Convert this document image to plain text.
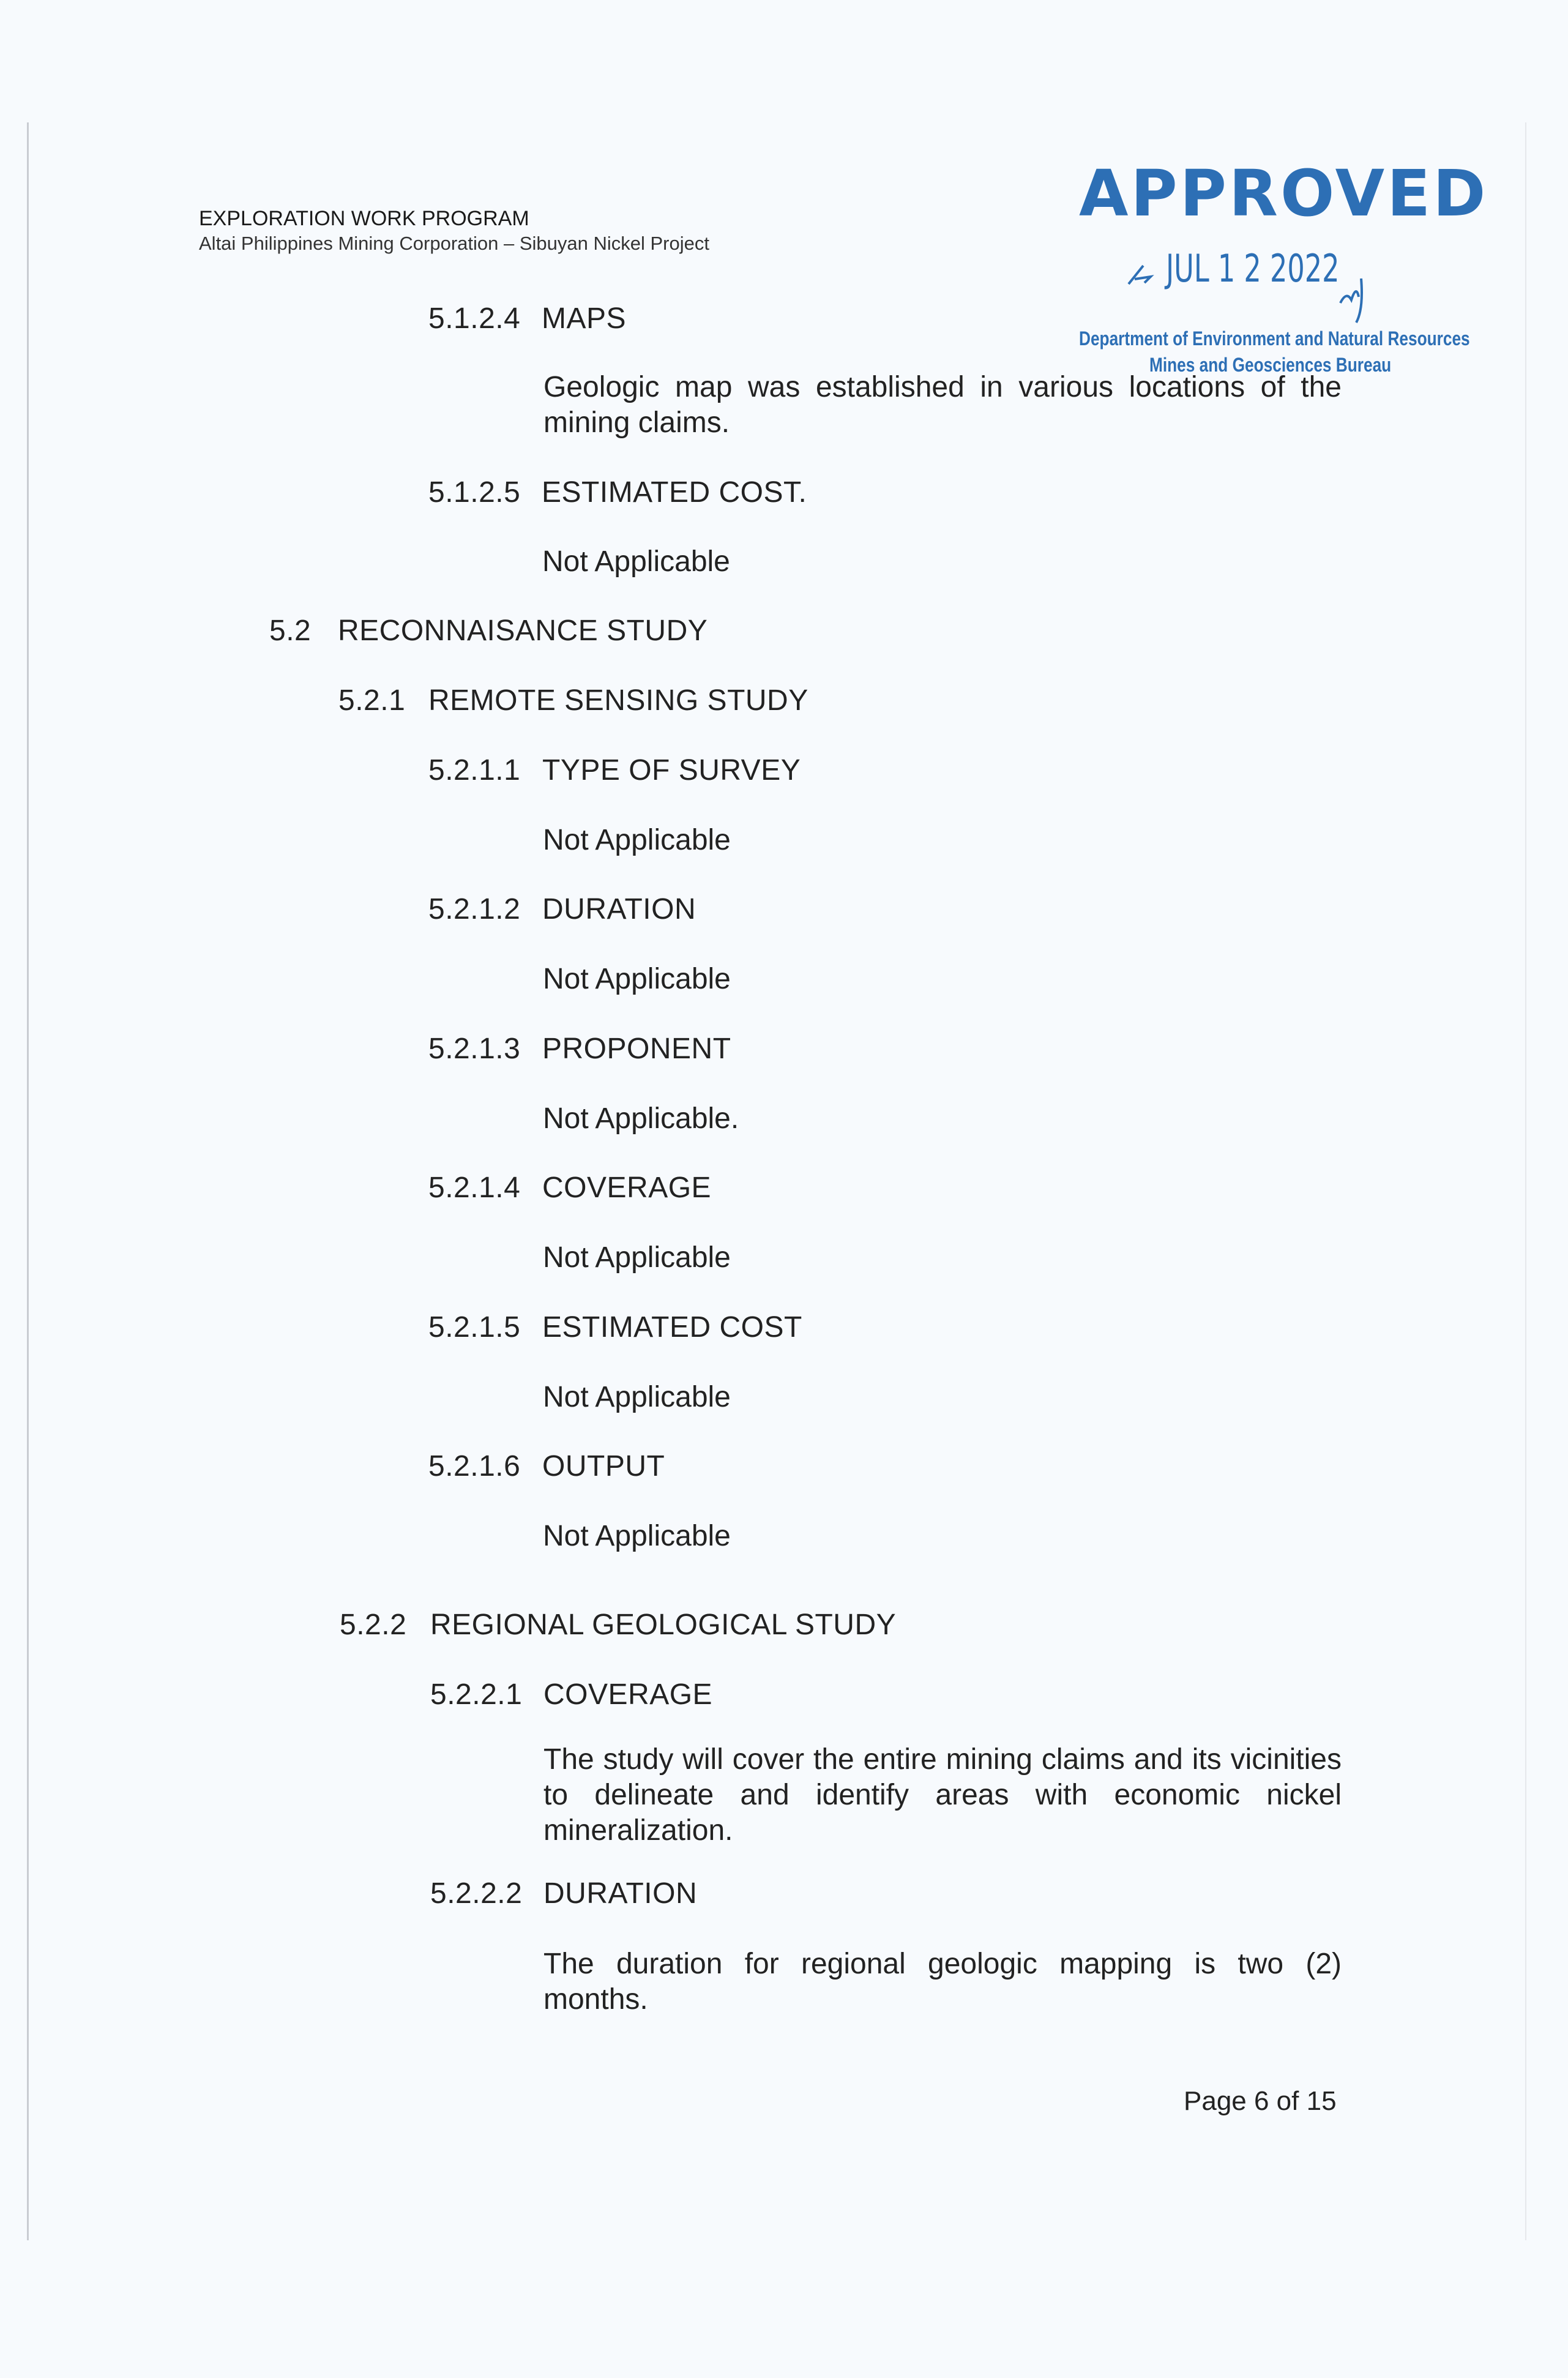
EXPLORATION WORK PROGRAM
Altai Philippines Mining Corporation – Sibuyan Nickel Project
APPROVED
JUL 1 2 2022
Department of Environment and Natural Resources
Mines and Geosciences Bureau
5.1.2.4 MAPS
Geologic map was established in various locations of the mining claims.
5.1.2.5 ESTIMATED COST.
Not Applicable
5.2 RECONNAISANCE STUDY
5.2.1 REMOTE SENSING STUDY
5.2.1.1 TYPE OF SURVEY
Not Applicable
5.2.1.2 DURATION
Not Applicable
5.2.1.3 PROPONENT
Not Applicable.
5.2.1.4 COVERAGE
Not Applicable
5.2.1.5 ESTIMATED COST
Not Applicable
5.2.1.6 OUTPUT
Not Applicable
5.2.2 REGIONAL GEOLOGICAL STUDY
5.2.2.1 COVERAGE
The study will cover the entire mining claims and its vicinities to delineate and identify areas with economic nickel mineralization.
5.2.2.2 DURATION
The duration for regional geologic mapping is two (2) months.
Page 6 of 15
